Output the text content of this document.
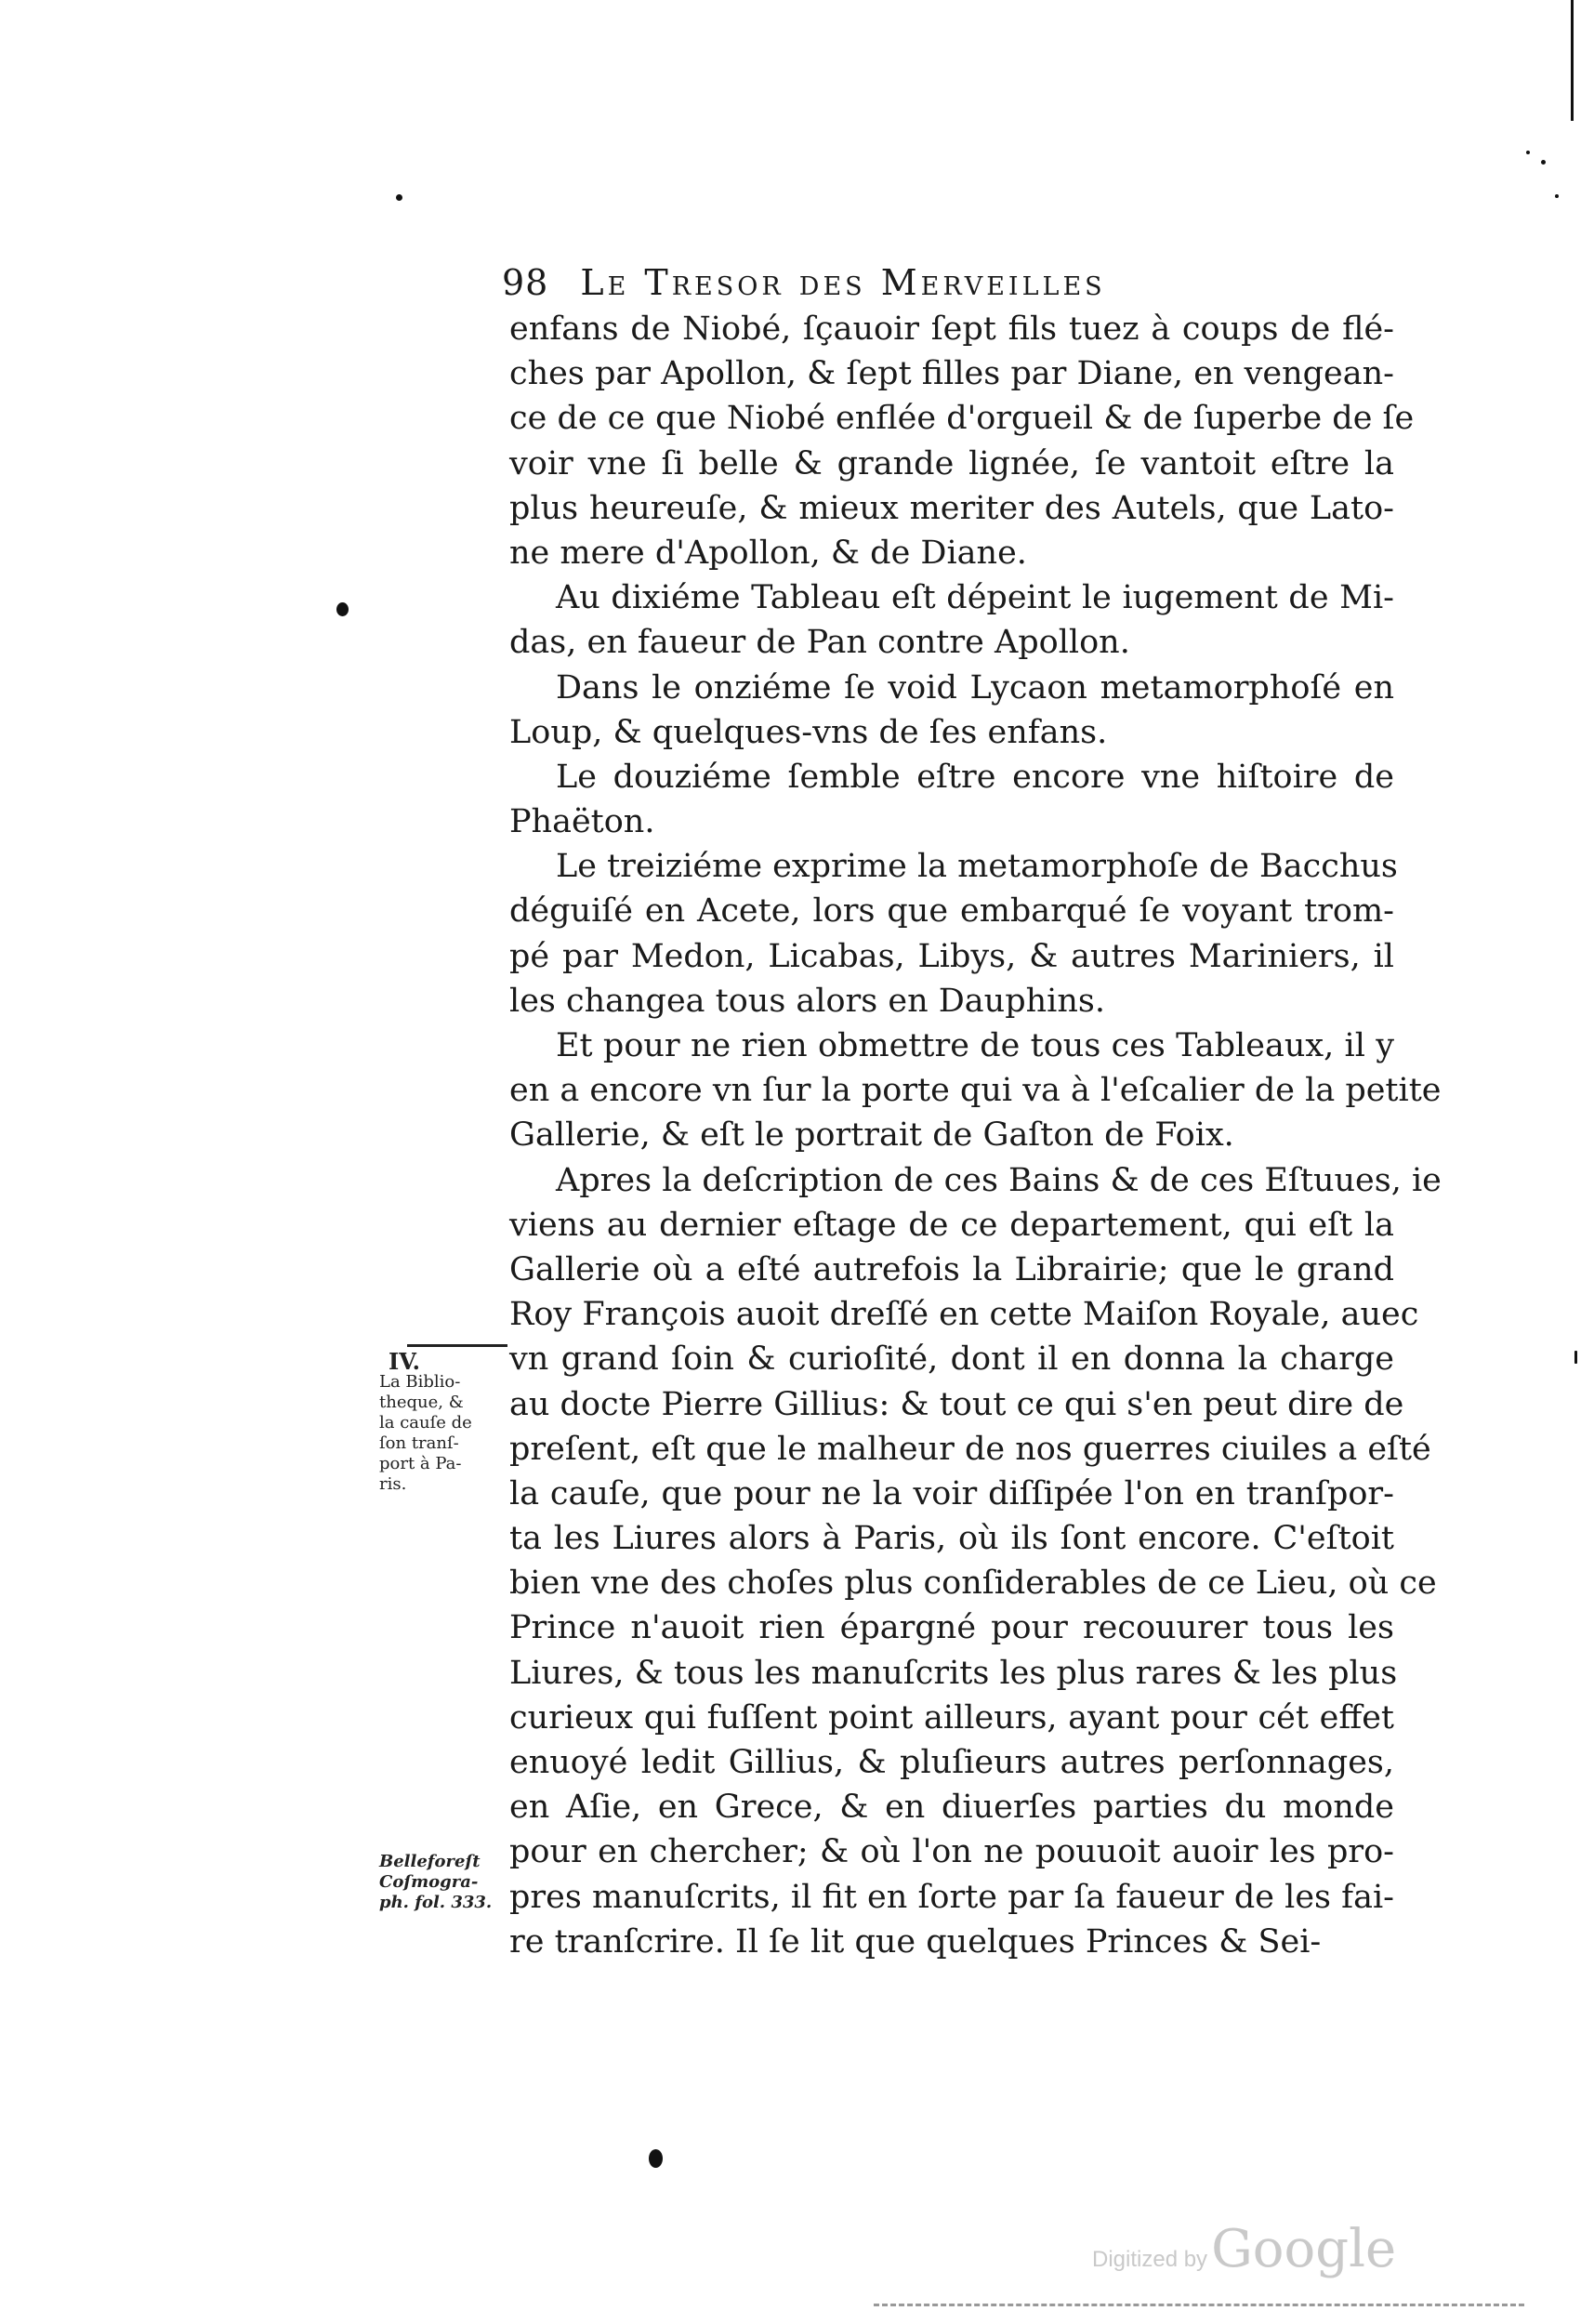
98 Le Tresor des Merveilles
enfans de Niobé, ſçauoir ſept fils tuez à coups de flé-
ches par Apollon, & ſept filles par Diane, en vengean-
ce de ce que Niobé enflée d'orgueil & de ſuperbe de ſe
voir vne ſi belle & grande lignée, ſe vantoit eſtre la
plus heureuſe, & mieux meriter des Autels, que Lato-
ne mere d'Apollon, & de Diane.
Au dixiéme Tableau eſt dépeint le iugement de Mi-
das, en faueur de Pan contre Apollon.
Dans le onziéme ſe void Lycaon metamorphoſé en
Loup, & quelques-vns de ſes enfans.
Le douziéme ſemble eſtre encore vne hiſtoire de
Phaëton.
Le treiziéme exprime la metamorphoſe de Bacchus
déguiſé en Acete, lors que embarqué ſe voyant trom-
pé par Medon, Licabas, Libys, & autres Mariniers, il
les changea tous alors en Dauphins.
Et pour ne rien obmettre de tous ces Tableaux, il y
en a encore vn ſur la porte qui va à l'eſcalier de la petite
Gallerie, & eſt le portrait de Gaſton de Foix.
Apres la deſcription de ces Bains & de ces Eſtuues, ie
viens au dernier eſtage de ce departement, qui eſt la
Gallerie où a eſté autrefois la Librairie; que le grand
Roy François auoit dreſſé en cette Maiſon Royale, auec
vn grand ſoin & curioſité, dont il en donna la charge
au docte Pierre Gillius: & tout ce qui s'en peut dire de
preſent, eſt que le malheur de nos guerres ciuiles a eſté
la cauſe, que pour ne la voir diſſipée l'on en tranſpor-
ta les Liures alors à Paris, où ils ſont encore. C'eſtoit
bien vne des choſes plus conſiderables de ce Lieu, où ce
Prince n'auoit rien épargné pour recouurer tous les
Liures, & tous les manuſcrits les plus rares & les plus
curieux qui fuſſent point ailleurs, ayant pour cét effet
enuoyé ledit Gillius, & pluſieurs autres perſonnages,
en Aſie, en Grece, & en diuerſes parties du monde
pour en chercher; & où l'on ne pouuoit auoir les pro-
pres manuſcrits, il fit en ſorte par ſa faueur de les fai-
re tranſcrire. Il ſe lit que quelques Princes & Sei-
IV.
La Biblio-
theque, &
la cauſe de
ſon tranſ-
port à Pa-
ris.
Belleforeſt
Coſmogra-
ph. fol. 333.
Digitized by Google
